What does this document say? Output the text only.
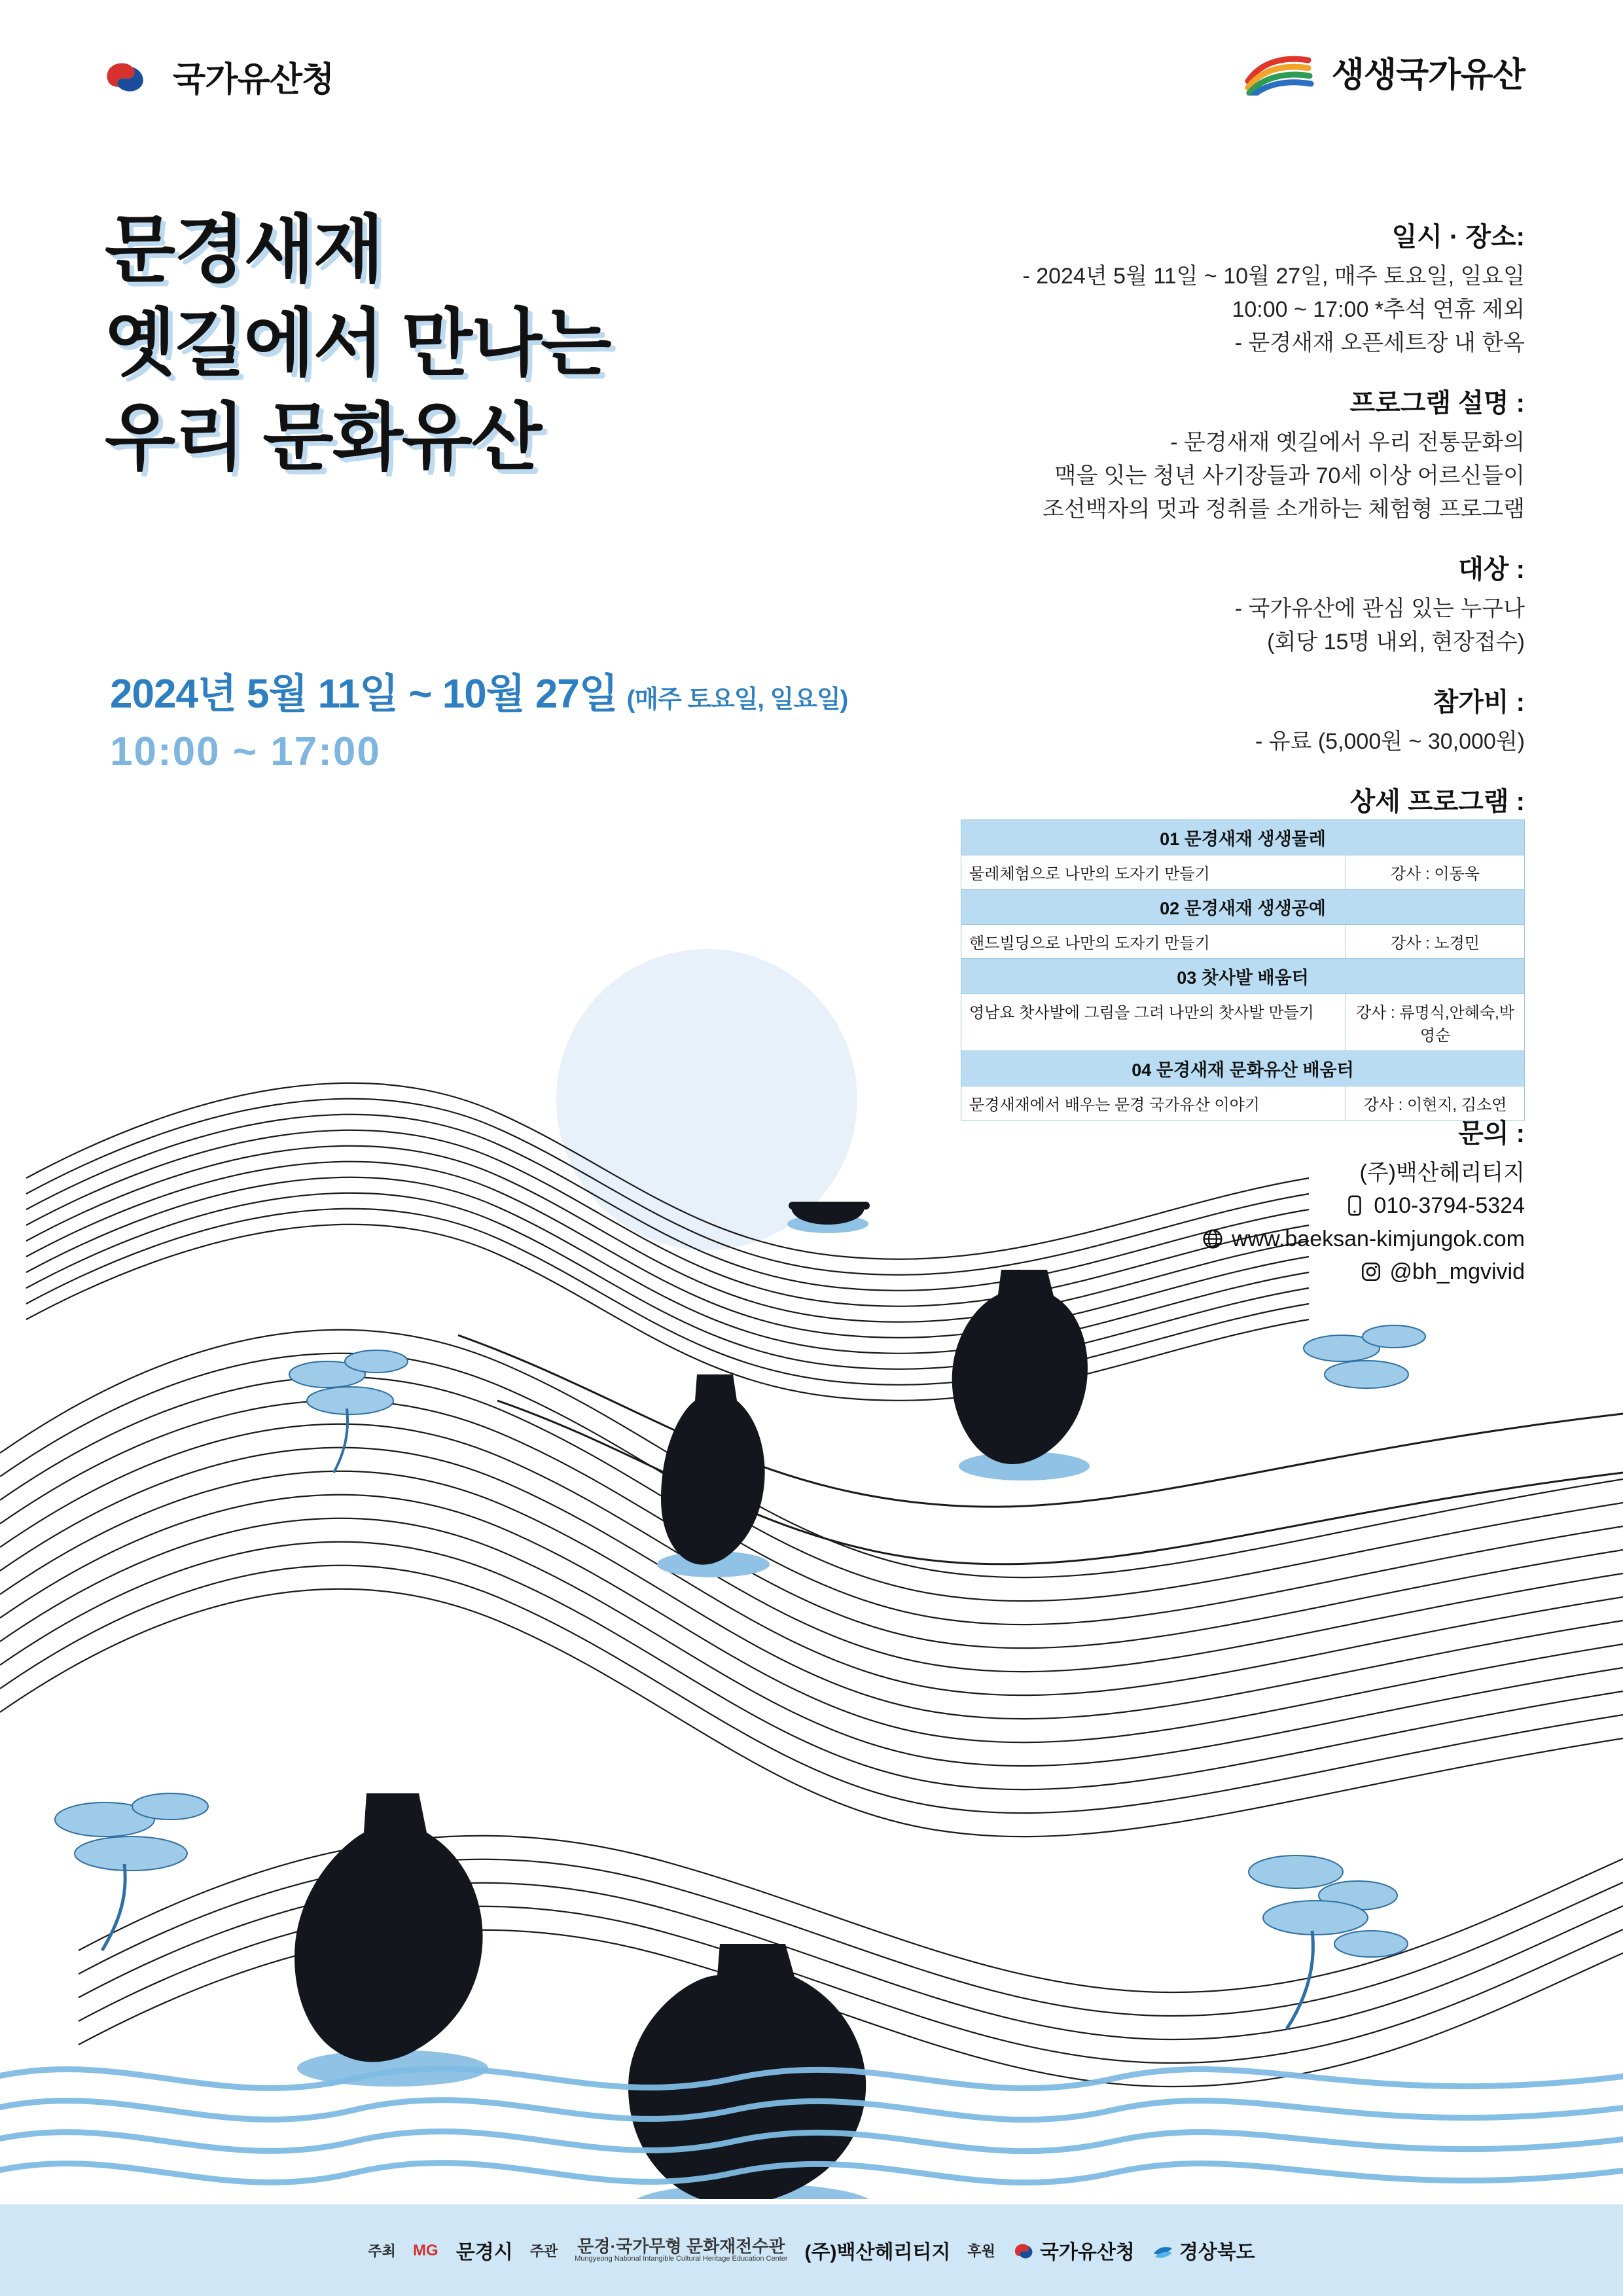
국가유산청	생생국가유산
문경새재
옛길에서 만나는
우리 문화유산
2024년 5월 11일 ~ 10월 27일 (매주 토요일, 일요일)
10:00 ~ 17:00
일시 · 장소:
- 2024년 5월 11일 ~ 10월 27일, 매주 토요일, 일요일
10:00 ~ 17:00 *추석 연휴 제외
- 문경새재 오픈세트장 내 한옥
프로그램 설명 :
- 문경새재 옛길에서 우리 전통문화의
맥을 잇는 청년 사기장들과 70세 이상 어르신들이
조선백자의 멋과 정취를 소개하는 체험형 프로그램
대상 :
- 국가유산에 관심 있는 누구나
(회당 15명 내외, 현장접수)
참가비 :
- 유료 (5,000원 ~ 30,000원)
상세 프로그램 :
01 문경새재 생생물레
물레체험으로 나만의 도자기 만들기	강사 : 이동욱
02 문경새재 생생공예
핸드빌딩으로 나만의 도자기 만들기	강사 : 노경민
03 찻사발 배움터
영남요 찻사발에 그림을 그려 나만의 찻사발 만들기	강사 : 류명식,안혜숙,박영순
04 문경새재 문화유산 배움터
문경새재에서 배우는 문경 국가유산 이야기	강사 : 이현지, 김소연
문의 :
(주)백산헤리티지
010-3794-5324
www.baeksan-kimjungok.com
@bh_mgvivid
주최 MG 문경시 주관 문경·국가무형 문화재전수관
Mungyeong National Intangible Cultural Heritage Education Center (주)백산헤리티지 후원 국가유산청 경상북도
